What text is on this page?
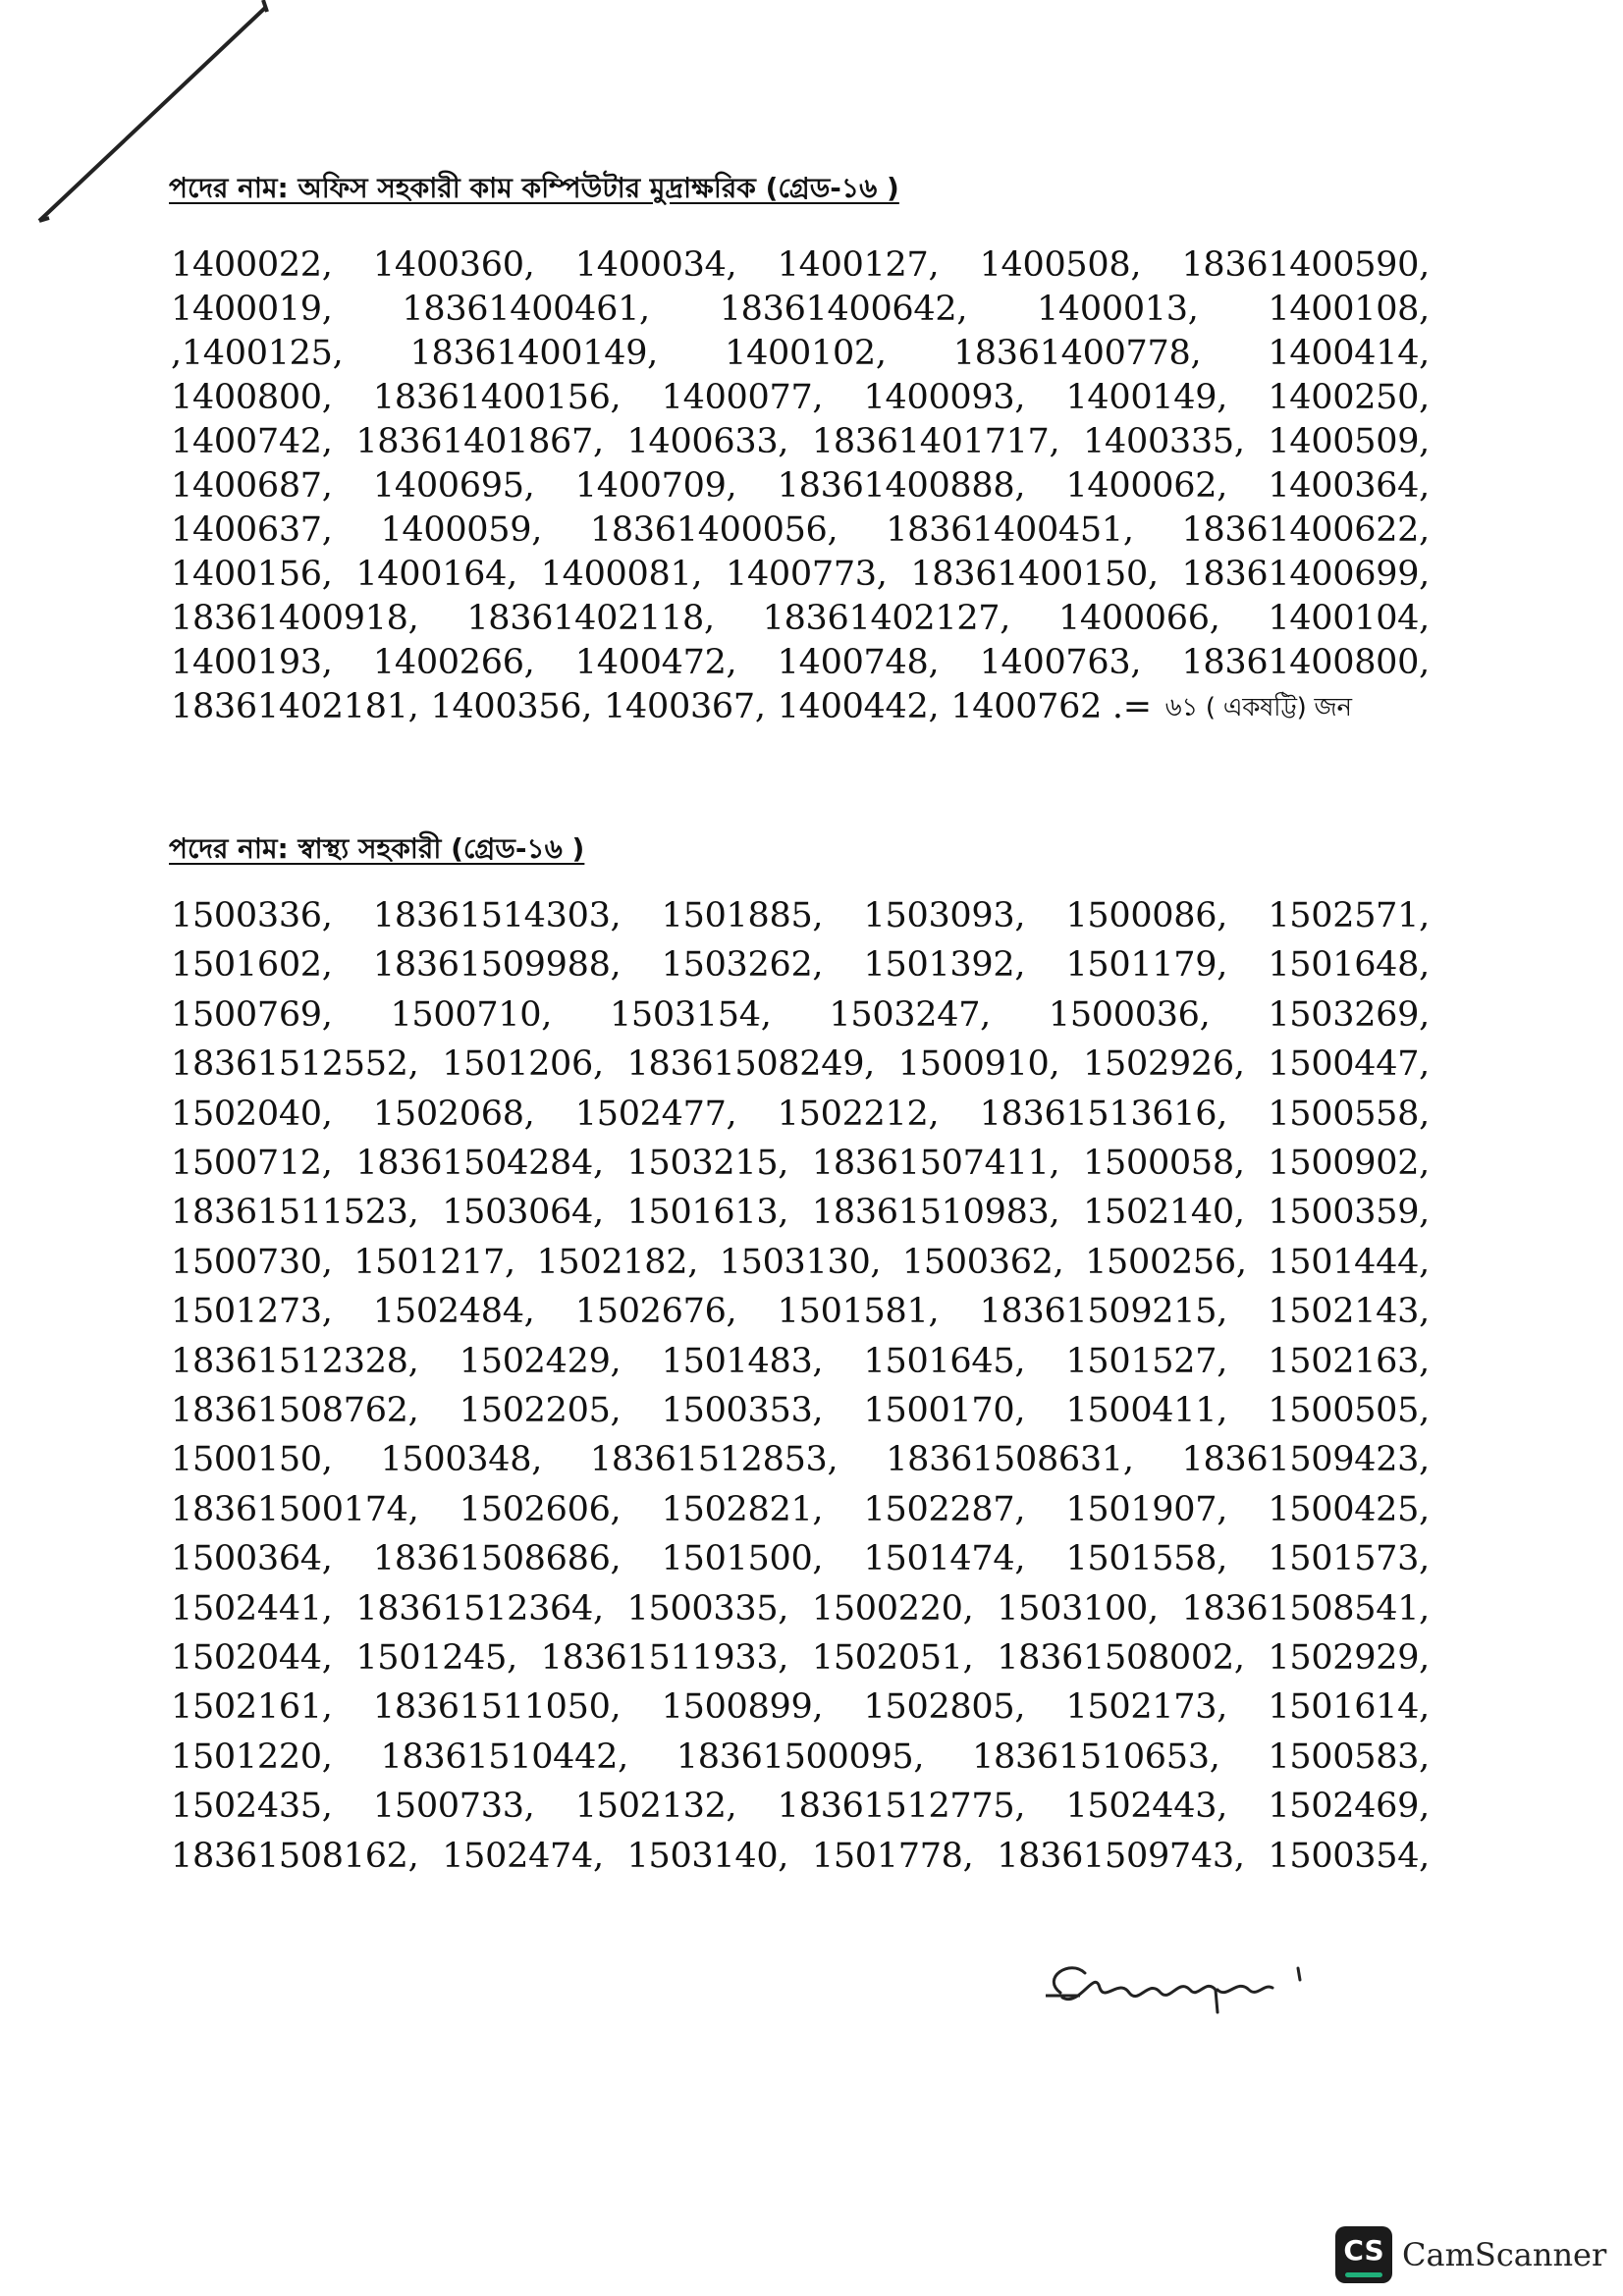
পদের নাম: অফিস সহকারী কাম কম্পিউটার মুদ্রাক্ষরিক (গ্রেড-১৬ )
1400022, 1400360, 1400034, 1400127, 1400508, 18361400590,
1400019, 18361400461, 18361400642, 1400013, 1400108,
,1400125, 18361400149, 1400102, 18361400778, 1400414,
1400800, 18361400156, 1400077, 1400093, 1400149, 1400250,
1400742, 18361401867, 1400633, 18361401717, 1400335, 1400509,
1400687, 1400695, 1400709, 18361400888, 1400062, 1400364,
1400637, 1400059, 18361400056, 18361400451, 18361400622,
1400156, 1400164, 1400081, 1400773, 18361400150, 18361400699,
18361400918, 18361402118, 18361402127, 1400066, 1400104,
1400193, 1400266, 1400472, 1400748, 1400763, 18361400800,
18361402181, 1400356, 1400367, 1400442, 1400762 .= ৬১ ( একষট্টি) জন
পদের নাম: স্বাস্থ্য সহকারী (গ্রেড-১৬ )
1500336, 18361514303, 1501885, 1503093, 1500086, 1502571,
1501602, 18361509988, 1503262, 1501392, 1501179, 1501648,
1500769, 1500710, 1503154, 1503247, 1500036, 1503269,
18361512552, 1501206, 18361508249, 1500910, 1502926, 1500447,
1502040, 1502068, 1502477, 1502212, 18361513616, 1500558,
1500712, 18361504284, 1503215, 18361507411, 1500058, 1500902,
18361511523, 1503064, 1501613, 18361510983, 1502140, 1500359,
1500730, 1501217, 1502182, 1503130, 1500362, 1500256, 1501444,
1501273, 1502484, 1502676, 1501581, 18361509215, 1502143,
18361512328, 1502429, 1501483, 1501645, 1501527, 1502163,
18361508762, 1502205, 1500353, 1500170, 1500411, 1500505,
1500150, 1500348, 18361512853, 18361508631, 18361509423,
18361500174, 1502606, 1502821, 1502287, 1501907, 1500425,
1500364, 18361508686, 1501500, 1501474, 1501558, 1501573,
1502441, 18361512364, 1500335, 1500220, 1503100, 18361508541,
1502044, 1501245, 18361511933, 1502051, 18361508002, 1502929,
1502161, 18361511050, 1500899, 1502805, 1502173, 1501614,
1501220, 18361510442, 18361500095, 18361510653, 1500583,
1502435, 1500733, 1502132, 18361512775, 1502443, 1502469,
18361508162, 1502474, 1503140, 1501778, 18361509743, 1500354,
CS CamScanner
